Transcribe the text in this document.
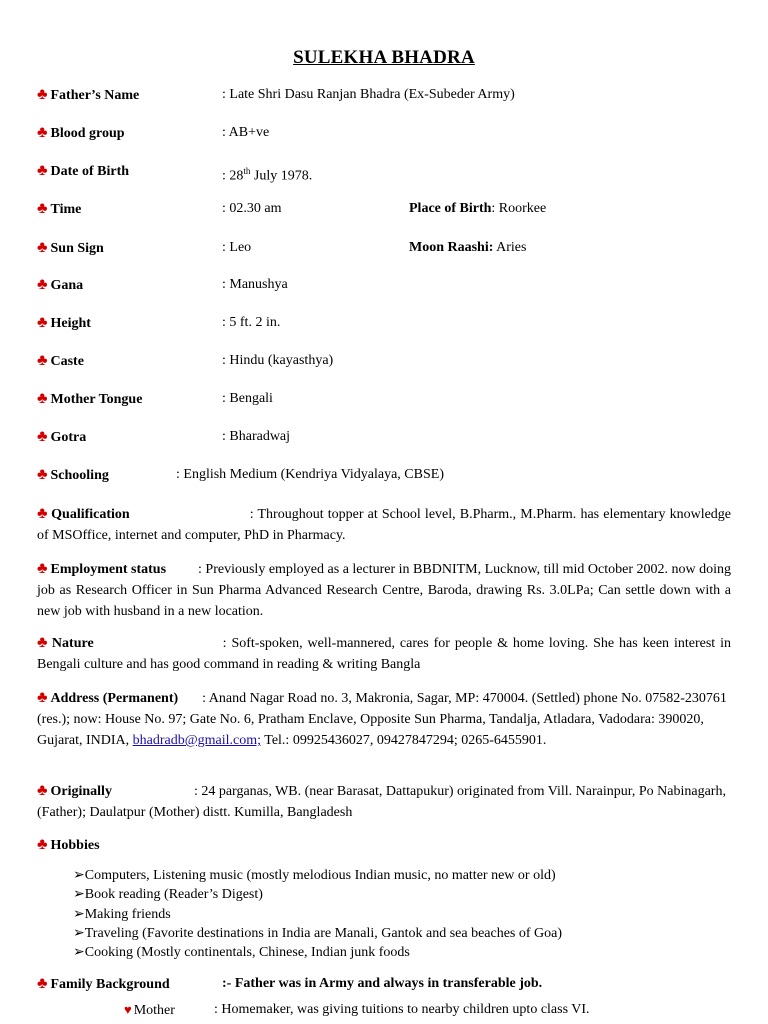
SULEKHA BHADRA
♣ Father’s Name	: Late Shri Dasu Ranjan Bhadra (Ex-Subeder Army)
♣ Blood group	: AB+ve
♣ Date of Birth	: 28th July 1978.
♣ Time	: 02.30 am	Place of Birth: Roorkee
♣ Sun Sign	: Leo	Moon Raashi: Aries
♣ Gana	: Manushya
♣ Height	: 5 ft. 2 in.
♣ Caste	: Hindu (kayasthya)
♣ Mother Tongue	: Bengali
♣ Gotra	: Bharadwaj
♣ Schooling	: English Medium (Kendriya Vidyalaya, CBSE)
♣ Qualification	: Throughout topper at School level, B.Pharm., M.Pharm. has elementary knowledge of MSOffice, internet and computer, PhD in Pharmacy.
♣ Employment status : Previously employed as a lecturer in BBDNITM, Lucknow, till mid October 2002. now doing job as Research Officer in Sun Pharma Advanced Research Centre, Baroda, drawing Rs. 3.0LPa; Can settle down with a new job with husband in a new location.
♣ Nature	: Soft-spoken, well-mannered, cares for people & home loving. She has keen interest in Bengali culture and has good command in reading & writing Bangla
♣ Address (Permanent) : Anand Nagar Road no. 3, Makronia, Sagar, MP: 470004. (Settled) phone No. 07582-230761 (res.); now: House No. 97; Gate No. 6, Pratham Enclave, Opposite Sun Pharma, Tandalja, Atladara, Vadodara: 390020, Gujarat, INDIA, bhadradb@gmail.com; Tel.: 09925436027, 09427847294; 0265-6455901.
♣ Originally	: 24 parganas, WB. (near Barasat, Dattapukur) originated from Vill. Narainpur, Po Nabinagarh, (Father); Daulatpur (Mother) distt. Kumilla, Bangladesh
♣ Hobbies
➢Computers, Listening music (mostly melodious Indian music, no matter new or old)
➢Book reading (Reader’s Digest)
➢Making friends
➢Traveling (Favorite destinations in India are Manali, Gantok and sea beaches of Goa)
➢Cooking (Mostly continentals, Chinese, Indian junk foods
♣ Family Background	:- Father was in Army and always in transferable job.
♥ Mother	: Homemaker, was giving tuitions to nearby children upto class VI.
